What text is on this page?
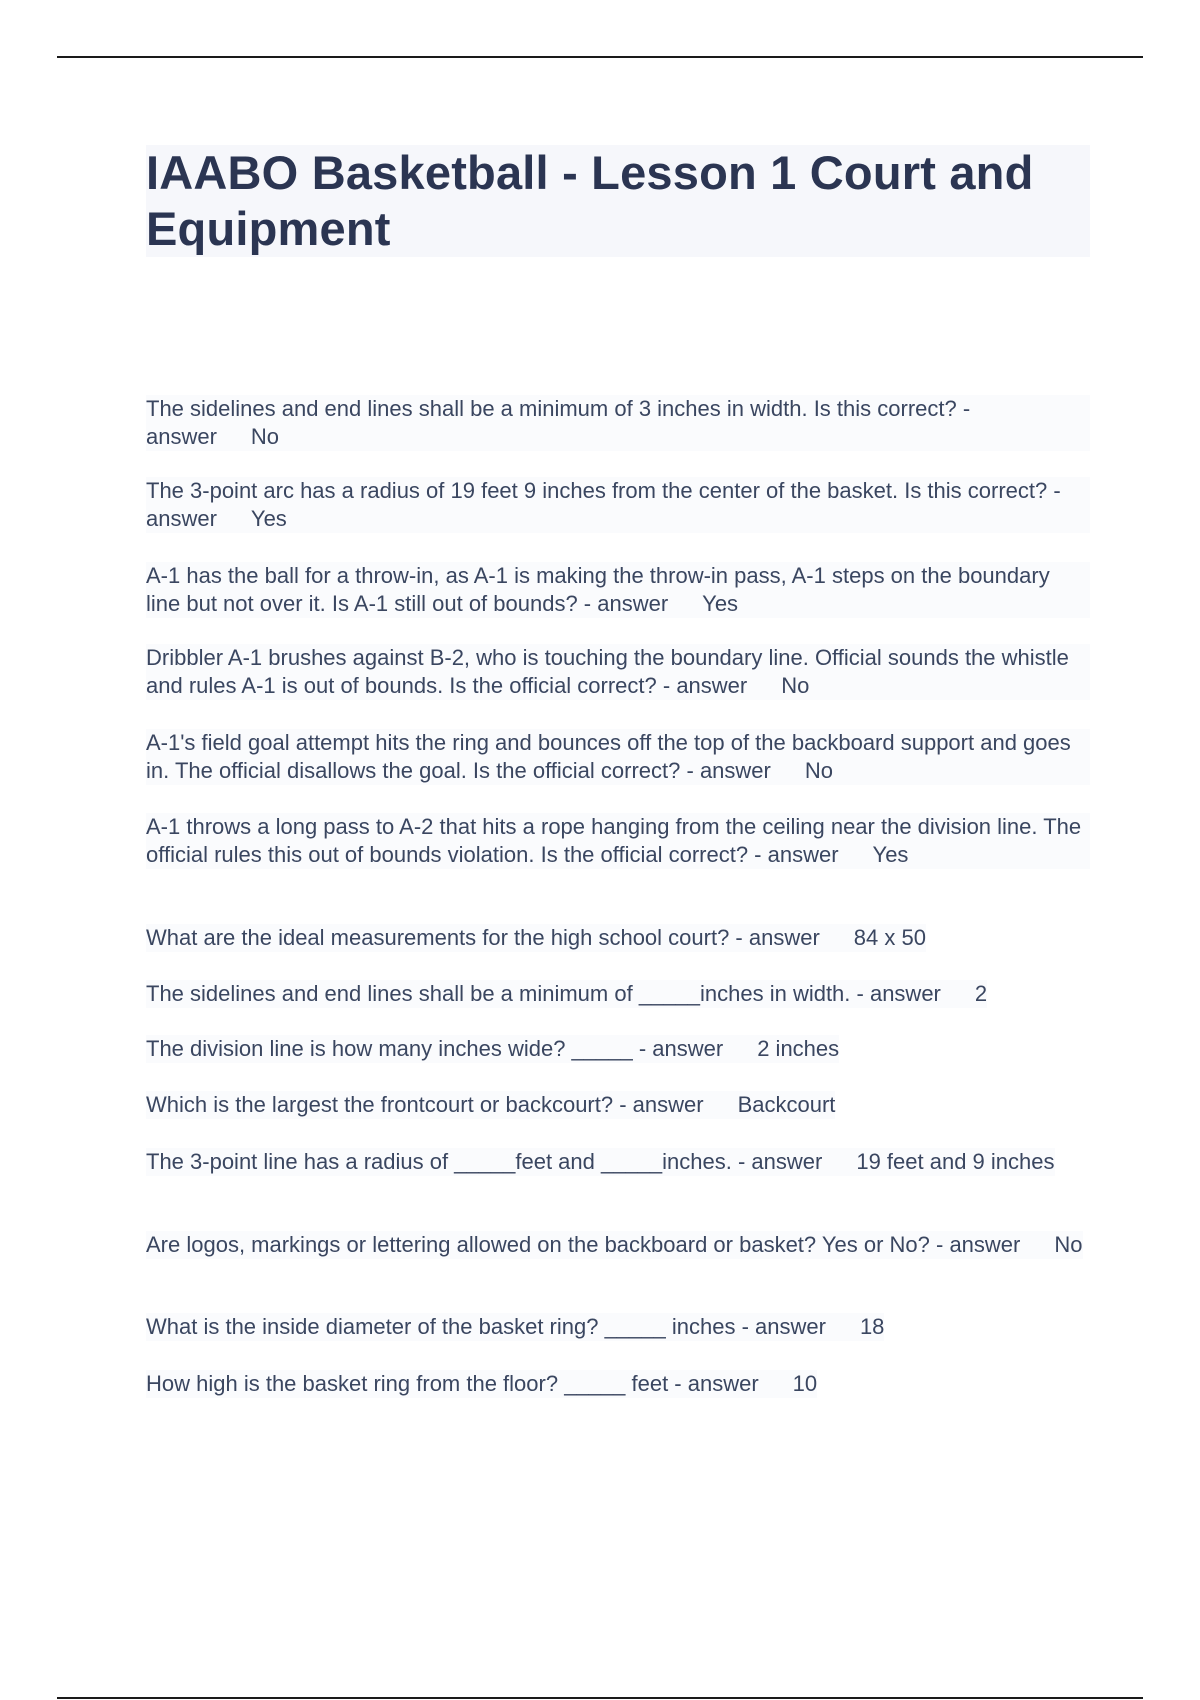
IAABO Basketball - Lesson 1 Court and Equipment

The sidelines and end lines shall be a minimum of 3 inches in width. Is this correct? - answer No

The 3-point arc has a radius of 19 feet 9 inches from the center of the basket. Is this correct? - answer Yes

A-1 has the ball for a throw-in, as A-1 is making the throw-in pass, A-1 steps on the boundary line but not over it. Is A-1 still out of bounds? - answer Yes

Dribbler A-1 brushes against B-2, who is touching the boundary line. Official sounds the whistle and rules A-1 is out of bounds. Is the official correct? - answer No

A-1's field goal attempt hits the ring and bounces off the top of the backboard support and goes in. The official disallows the goal. Is the official correct? - answer No

A-1 throws a long pass to A-2 that hits a rope hanging from the ceiling near the division line. The official rules this out of bounds violation. Is the official correct? - answer Yes

What are the ideal measurements for the high school court? - answer 84 x 50

The sidelines and end lines shall be a minimum of _____inches in width. - answer 2

The division line is how many inches wide? _____ - answer 2 inches

Which is the largest the frontcourt or backcourt? - answer Backcourt

The 3-point line has a radius of _____feet and _____inches. - answer 19 feet and 9 inches

Are logos, markings or lettering allowed on the backboard or basket? Yes or No? - answer No

What is the inside diameter of the basket ring? _____ inches - answer 18

How high is the basket ring from the floor? _____ feet - answer 10
